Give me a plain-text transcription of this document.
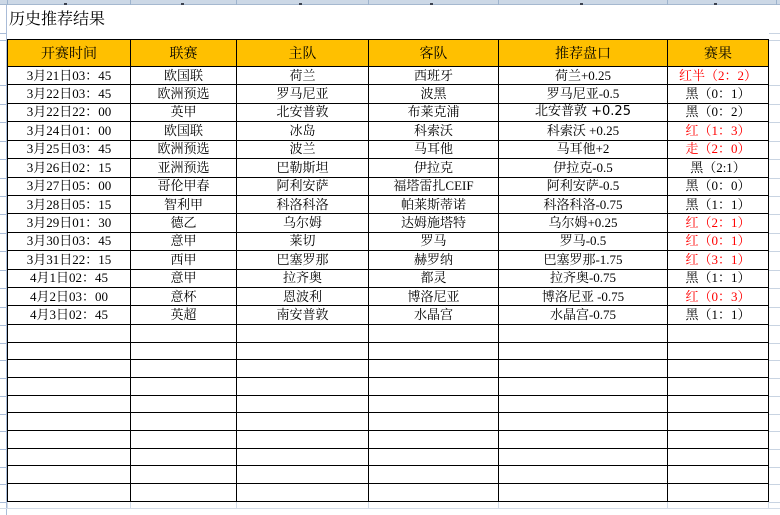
历史推荐结果
开赛时间	联赛	主队	客队	推荐盘口	赛果
3月21日03：45	欧国联	荷兰	西班牙	荷兰+0.25	红半（2：2）
3月22日03：45	欧洲预选	罗马尼亚	波黑	罗马尼亚-0.5	黑（0：1）
3月22日22：00	英甲	北安普敦	布莱克浦	北安普敦 +0.25	黑（0：2）
3月24日01：00	欧国联	冰岛	科索沃	科索沃 +0.25	红（1：3）
3月25日03：45	欧洲预选	波兰	马耳他	马耳他+2	走（2：0）
3月26日02：15	亚洲预选	巴勒斯坦	伊拉克	伊拉克-0.5	黑（2:1）
3月27日05：00	哥伦甲春	阿利安萨	福塔雷扎CEIF	阿利安萨-0.5	黑（0：0）
3月28日05：15	智利甲	科洛科洛	帕莱斯蒂诺	科洛科洛-0.75	黑（1：1）
3月29日01：30	德乙	乌尔姆	达姆施塔特	乌尔姆+0.25	红（2：1）
3月30日03：45	意甲	莱切	罗马	罗马-0.5	红（0：1）
3月31日22：15	西甲	巴塞罗那	赫罗纳	巴塞罗那-1.75	红（3：1）
4月1日02：45	意甲	拉齐奥	都灵	拉齐奥-0.75	黑（1：1）
4月2日03：00	意杯	恩波利	博洛尼亚	博洛尼亚 -0.75	红（0：3）
4月3日02：45	英超	南安普敦	水晶宫	水晶宫-0.75	黑（1：1）
